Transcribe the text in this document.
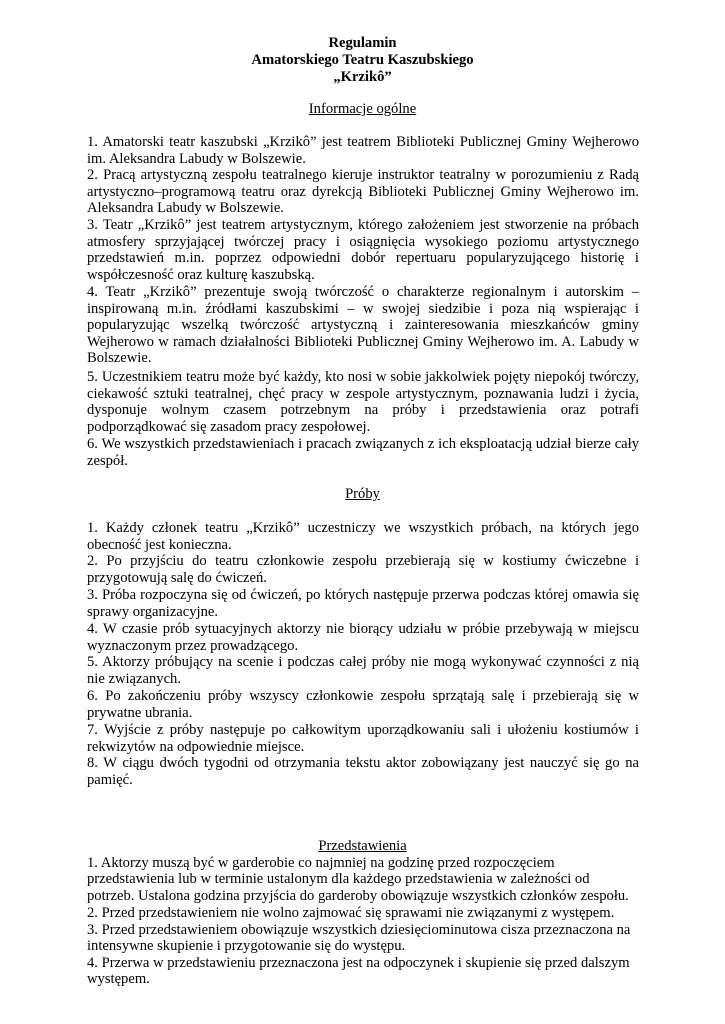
Regulamin
Amatorskiego Teatru Kaszubskiego
„Krzikô”
Informacje ogólne

1. Amatorski teatr kaszubski „Krzikô” jest teatrem Biblioteki Publicznej Gminy Wejherowo im. Aleksandra Labudy w Bolszewie.

2. Pracą artystyczną zespołu teatralnego kieruje instruktor teatralny w porozumieniu z Radą artystyczno–programową teatru oraz dyrekcją Biblioteki Publicznej Gminy Wejherowo im. Aleksandra Labudy w Bolszewie.

3. Teatr „Krzikô” jest teatrem artystycznym, którego założeniem jest stworzenie na próbach atmosfery sprzyjającej twórczej pracy i osiągnięcia wysokiego poziomu artystycznego przedstawień m.in. poprzez odpowiedni dobór repertuaru popularyzującego historię i współczesność oraz kulturę kaszubską.

4. Teatr „Krzikô” prezentuje swoją twórczość o charakterze regionalnym i autorskim – inspirowaną m.in. źródłami kaszubskimi – w swojej siedzibie i poza nią wspierając i popularyzując wszelką twórczość artystyczną i zainteresowania mieszkańców gminy Wejherowo w ramach działalności Biblioteki Publicznej Gminy Wejherowo im. A. Labudy w Bolszewie.

5. Uczestnikiem teatru może być każdy, kto nosi w sobie jakkolwiek pojęty niepokój twórczy, ciekawość sztuki teatralnej, chęć pracy w zespole artystycznym, poznawania ludzi i życia, dysponuje wolnym czasem potrzebnym na próby i przedstawienia oraz potrafi podporządkować się zasadom pracy zespołowej.

6. We wszystkich przedstawieniach i pracach związanych z ich eksploatacją udział bierze cały zespół.

Próby

1. Każdy członek teatru „Krzikô” uczestniczy we wszystkich próbach, na których jego obecność jest konieczna.

2. Po przyjściu do teatru członkowie zespołu przebierają się w kostiumy ćwiczebne i przygotowują salę do ćwiczeń.

3. Próba rozpoczyna się od ćwiczeń, po których następuje przerwa podczas której omawia się sprawy organizacyjne.

4. W czasie prób sytuacyjnych aktorzy nie biorący udziału w próbie przebywają w miejscu wyznaczonym przez prowadzącego.

5. Aktorzy próbujący na scenie i podczas całej próby nie mogą wykonywać czynności z nią nie związanych.

6. Po zakończeniu próby wszyscy członkowie zespołu sprzątają salę i przebierają się w prywatne ubrania.

7. Wyjście z próby następuje po całkowitym uporządkowaniu sali i ułożeniu kostiumów i rekwizytów na odpowiednie miejsce.

8. W ciągu dwóch tygodni od otrzymania tekstu aktor zobowiązany jest nauczyć się go na pamięć.

Przedstawienia

1. Aktorzy muszą być w garderobie co najmniej na godzinę przed rozpoczęciem przedstawienia lub w terminie ustalonym dla każdego przedstawienia w zależności od potrzeb. Ustalona godzina przyjścia do garderoby obowiązuje wszystkich członków zespołu.

2. Przed przedstawieniem nie wolno zajmować się sprawami nie związanymi z występem.

3. Przed przedstawieniem obowiązuje wszystkich dziesięciominutowa cisza przeznaczona na intensywne skupienie i przygotowanie się do występu.

4. Przerwa w przedstawieniu przeznaczona jest na odpoczynek i skupienie się przed dalszym występem.
